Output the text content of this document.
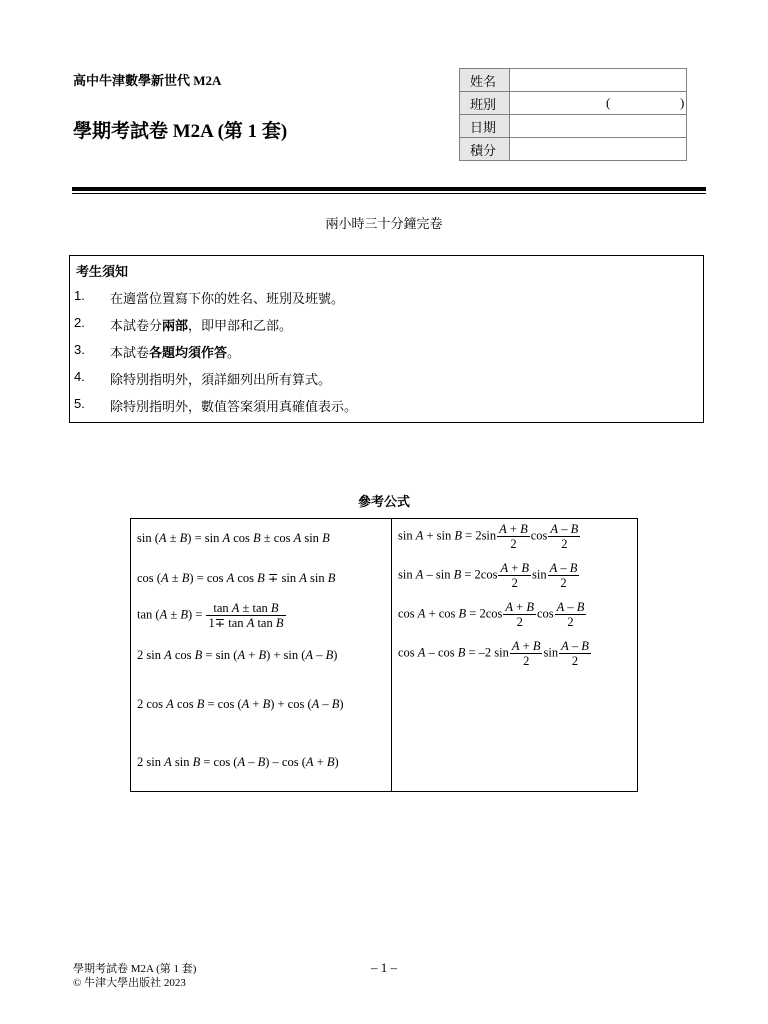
高中牛津數學新世代 M2A
學期考試卷 M2A (第 1 套)
姓名	
班別	( )

日期	
積分	
兩小時三十分鐘完卷
考生須知
1. 在適當位置寫下你的姓名、班別及班號。
2. 本試卷分兩部，即甲部和乙部。
3. 本試卷各題均須作答。
4. 除特別指明外，須詳細列出所有算式。
5. 除特別指明外，數值答案須用真確值表示。
參考公式
sin (A ± B) = sin A cos B ± cos A sin B
cos (A ± B) = cos A cos B ∓ sin A sin B
$\tan (A \pm B) = \frac{\text{tan A ± tan B}}{\text{1∓ tan A tan B}}$
2 sin A cos B = sin (A + B) + sin (A – B)
2 cos A cos B = cos (A + B) + cos (A – B)
2 sin A sin B = cos (A – B) – cos (A + B)
$\sin A + \sin B = 2\sin \frac{A + B}{2}$ $\cos \frac{A - B}{2}$
$\sin A - \sin B = 2\cos \frac{A + B}{2}$ $\sin \frac{A - B}{2}$
$\cos A + \cos B = 2\cos \frac{A + B}{2}$ $\cos \frac{A - B}{2}$
cos A – cos B = –2 $\sin \frac{A + B}{2}$ $\sin \frac{A - B}{2}$
學期考試卷 M2A (第 1 套)
© 牛津大學出版社 2023
– 1 –
